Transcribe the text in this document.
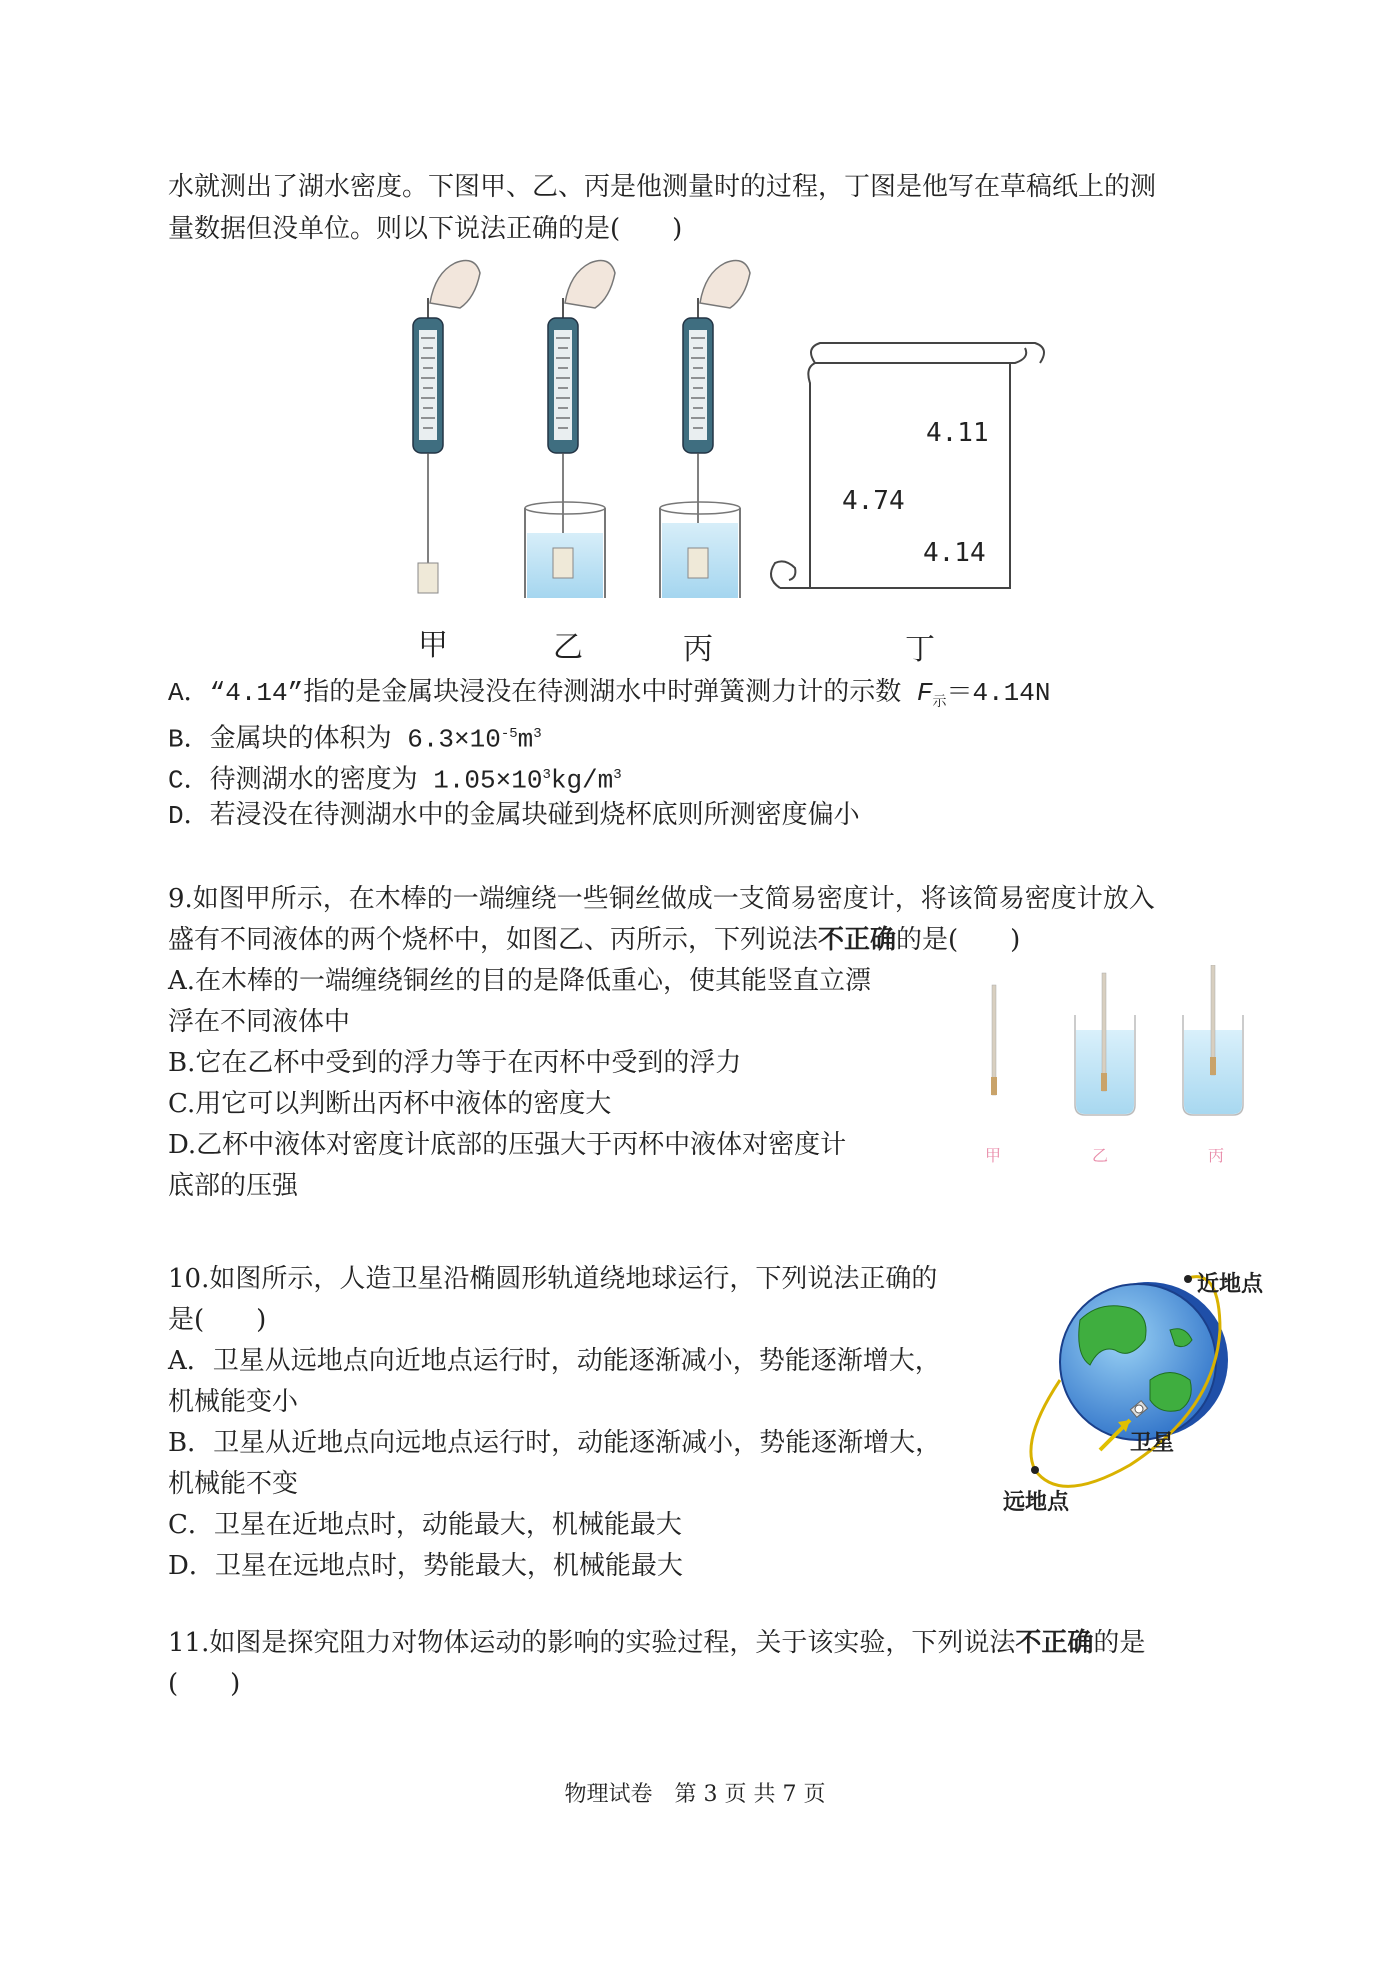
水就测出了湖水密度。下图甲、乙、丙是他测量时的过程，丁图是他写在草稿纸上的测
量数据但没单位。则以下说法正确的是(　　)
4.11
4.74
4.14
甲	乙	丙	丁
A．“4.14”指的是金属块浸没在待测湖水中时弹簧测力计的示数 $F_示=4.14N$
B．金属块的体积为 $6.3\times 10^{-5}m^3$
C．待测湖水的密度为 $1.05\times 10^3kg/m^3$
D．若浸没在待测湖水中的金属块碰到烧杯底则所测密度偏小
9.如图甲所示，在木棒的一端缠绕一些铜丝做成一支简易密度计，将该简易密度计放入
盛有不同液体的两个烧杯中，如图乙、丙所示，下列说法不正确的是(　　)
A.在木棒的一端缠绕铜丝的目的是降低重心，使其能竖直立漂
浮在不同液体中
B.它在乙杯中受到的浮力等于在丙杯中受到的浮力
C.用它可以判断出丙杯中液体的密度大
D.乙杯中液体对密度计底部的压强大于丙杯中液体对密度计
底部的压强
甲	乙	丙
10.如图所示，人造卫星沿椭圆形轨道绕地球运行，下列说法正确的
是(　　)
A．卫星从远地点向近地点运行时，动能逐渐减小，势能逐渐增大，
机械能变小
B．卫星从近地点向远地点运行时，动能逐渐减小，势能逐渐增大，
机械能不变
C．卫星在近地点时，动能最大，机械能最大
D．卫星在远地点时，势能最大，机械能最大
近地点
卫星
远地点
11.如图是探究阻力对物体运动的影响的实验过程，关于该实验，下列说法不正确的是
(　　)
物理试卷　第 3 页 共 7 页
